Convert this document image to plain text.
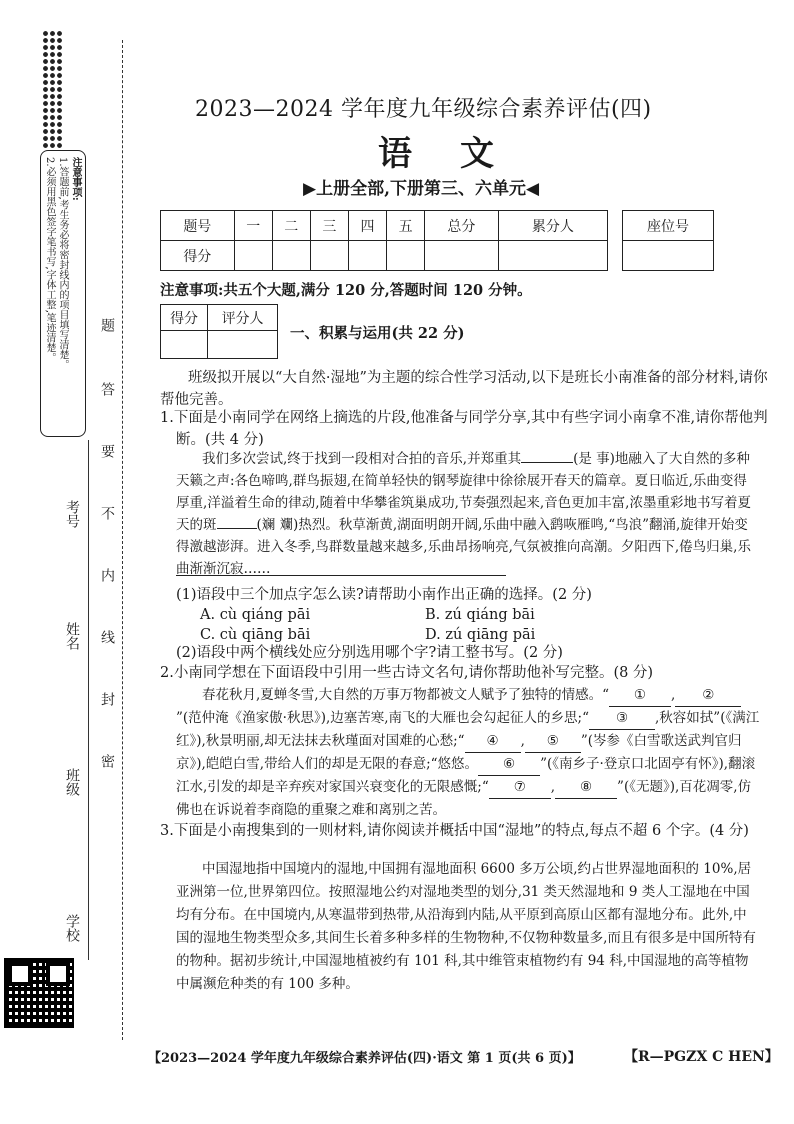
注意事项:
1.答题前,考生务必将密封线内的项目填写清楚。
2.必须用黑色签字笔书写,字体工整,笔迹清楚。	题
答
要
不
内
线
封
密
考号
姓名
班级
学校
2023—2024 学年度九年级综合素养评估(四)
语文
▶上册全部,下册第三、六单元◀
题号	一	二	三	四	五	总分	累分人
得分							
座位号

注意事项:共五个大题,满分 120 分,答题时间 120 分钟。
得分	评分人

一、积累与运用(共 22 分)
班级拟开展以“大自然·湿地”为主题的综合性学习活动,以下是班长小南准备的部分材料,请你帮他完善。
1.下面是小南同学在网络上摘选的片段,他准备与同学分享,其中有些字词小南拿不准,请你帮他判断。(共 4 分)
我们多次尝试,终于找到一段相对合拍的音乐,并郑重其	(是 事)地融入了大自然的多种天籁之声:各色啼鸣,群鸟振翅,在简单轻快的钢琴旋律中徐徐展开春天的篇章。夏日临近,乐曲变得厚重,洋溢着生命的律动,随着中华攀雀筑巢成功,节奏强烈起来,音色更加丰富,浓墨重彩地书写着夏天的斑	(斓 斕)热烈。秋草渐黄,湖面明朗开阔,乐曲中融入鹞咴雁鸣,“鸟浪”翻涌,旋律开始变得激越澎湃。进入冬季,鸟群数量越来越多,乐曲昂扬响亮,气氛被推向高潮。夕阳西下,倦鸟归巢,乐曲渐渐沉寂……
(1)语段中三个加点字怎么读?请帮助小南作出正确的选择。(2 分)
A. cù qiáng pāi	B. zú qiáng bāi
C. cù qiāng bāi	D. zú qiāng pāi
(2)语段中两个横线处应分别选用哪个字?请工整书写。(2 分)
2.小南同学想在下面语段中引用一些古诗文名句,请你帮助他补写完整。(8 分)
春花秋月,夏蝉冬雪,大自然的万事万物都被文人赋予了独特的情感。“ ① , ②”(范仲淹《渔家傲·秋思》),边塞苦寒,南飞的大雁也会勾起征人的乡思;“ ③ ,秋容如拭”(《满江红》),秋景明丽,却无法抹去秋瑾面对国难的心愁;“ ④ , ⑤ ”(岑参《白雪歌送武判官归京》),皑皑白雪,带给人们的却是无限的春意;“悠悠。 ⑥ ”(《南乡子·登京口北固亭有怀》),翻滚江水,引发的却是辛弃疾对家国兴衰变化的无限感慨;“ ⑦ , ⑧ ”(《无题》),百花凋零,仿佛也在诉说着李商隐的重聚之难和离别之苦。
3.下面是小南搜集到的一则材料,请你阅读并概括中国“湿地”的特点,每点不超 6 个字。(4 分)
中国湿地指中国境内的湿地,中国拥有湿地面积 6600 多万公顷,约占世界湿地面积的 10%,居亚洲第一位,世界第四位。按照湿地公约对湿地类型的划分,31 类天然湿地和 9 类人工湿地在中国均有分布。在中国境内,从寒温带到热带,从沿海到内陆,从平原到高原山区都有湿地分布。此外,中国的湿地生物类型众多,其间生长着多种多样的生物物种,不仅物种数量多,而且有很多是中国所特有的物种。据初步统计,中国湿地植被约有 101 科,其中维管束植物约有 94 科,中国湿地的高等植物中属濒危种类的有 100 多种。
【2023—2024 学年度九年级综合素养评估(四)·语文 第 1 页(共 6 页)】	【R—PGZX C HEN】
